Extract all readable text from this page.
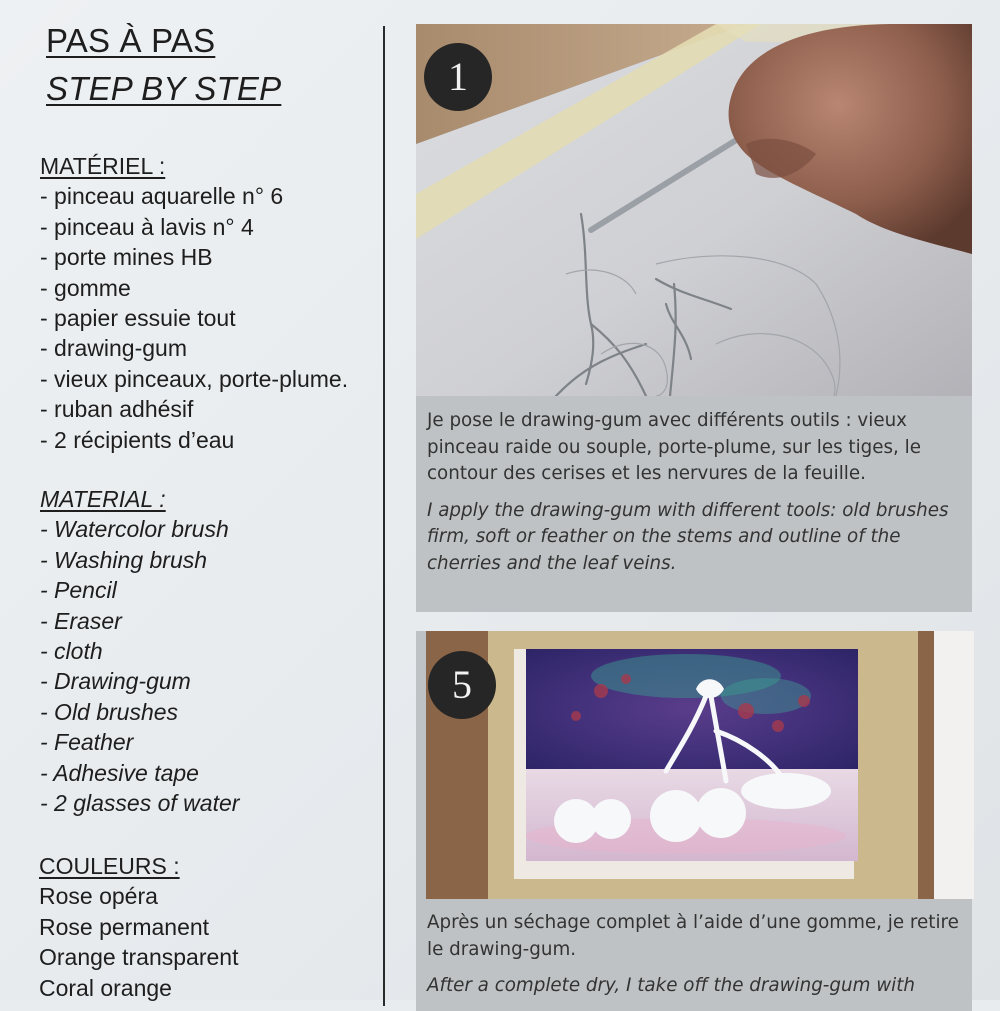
PAS À PAS
STEP BY STEP
MATÉRIEL :
- pinceau aquarelle n° 6
- pinceau à lavis n° 4
- porte mines HB
- gomme
- papier essuie tout
- drawing-gum
- vieux pinceaux, porte-plume.
- ruban adhésif
- 2 récipients d’eau
MATERIAL :
- Watercolor brush
- Washing brush
- Pencil
- Eraser
- cloth
- Drawing-gum
- Old brushes
- Feather
- Adhesive tape
- 2 glasses of water
COULEURS :
Rose opéra
Rose permanent
Orange transparent
Coral orange
1

Je pose le drawing-gum avec différents outils : vieux pinceau raide ou souple, porte-plume, sur les tiges, le contour des cerises et les nervures de la feuille.

I apply the drawing-gum with different tools: old brushes firm, soft or feather on the stems and outline of the cherries and the leaf veins.

5

Après un séchage complet à l’aide d’une gomme, je retire le drawing-gum.

After a complete dry, I take off the drawing-gum with
